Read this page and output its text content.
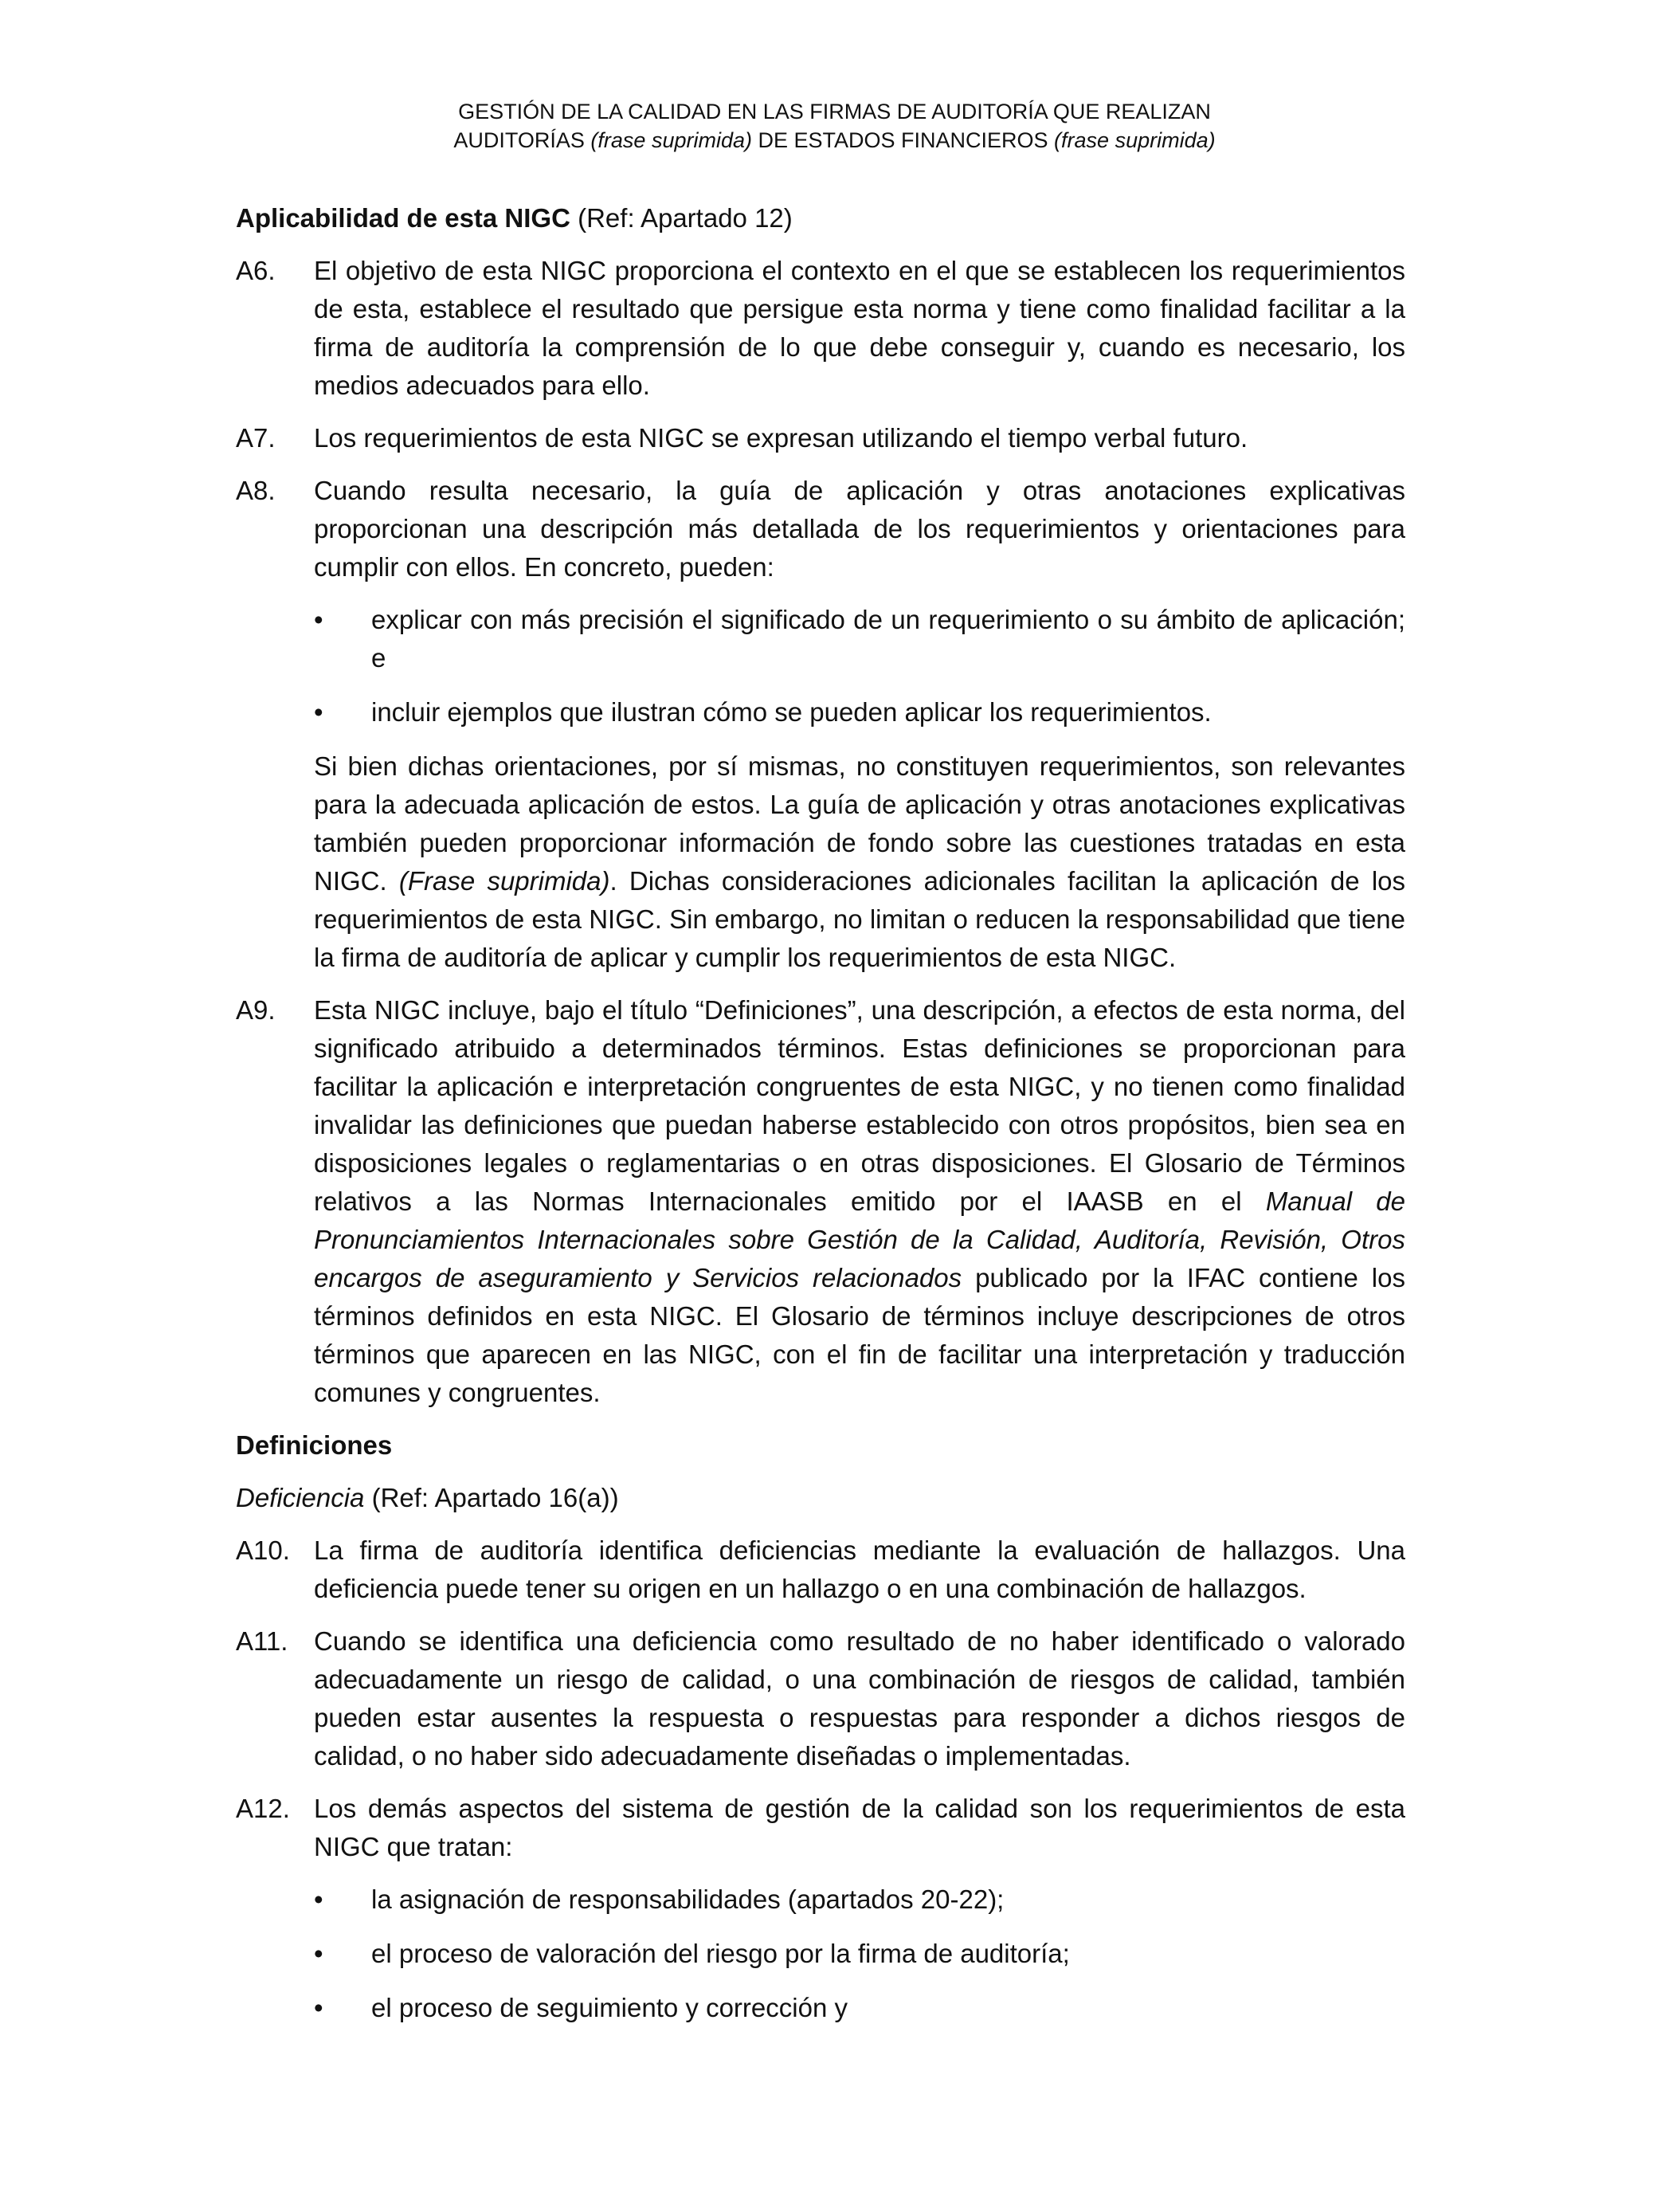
GESTIÓN DE LA CALIDAD EN LAS FIRMAS DE AUDITORÍA QUE REALIZAN
AUDITORÍAS (frase suprimida) DE ESTADOS FINANCIEROS (frase suprimida)
Aplicabilidad de esta NIGC (Ref: Apartado 12)
A6. El objetivo de esta NIGC proporciona el contexto en el que se establecen los requerimientos de esta, establece el resultado que persigue esta norma y tiene como finalidad facilitar a la firma de auditoría la comprensión de lo que debe conseguir y, cuando es necesario, los medios adecuados para ello.
A7. Los requerimientos de esta NIGC se expresan utilizando el tiempo verbal futuro.
A8. Cuando resulta necesario, la guía de aplicación y otras anotaciones explicativas proporcionan una descripción más detallada de los requerimientos y orientaciones para cumplir con ellos. En concreto, pueden:
• explicar con más precisión el significado de un requerimiento o su ámbito de aplicación; e
• incluir ejemplos que ilustran cómo se pueden aplicar los requerimientos.
Si bien dichas orientaciones, por sí mismas, no constituyen requerimientos, son relevantes para la adecuada aplicación de estos. La guía de aplicación y otras anotaciones explicativas también pueden proporcionar información de fondo sobre las cuestiones tratadas en esta NIGC. (Frase suprimida). Dichas consideraciones adicionales facilitan la aplicación de los requerimientos de esta NIGC. Sin embargo, no limitan o reducen la responsabilidad que tiene la firma de auditoría de aplicar y cumplir los requerimientos de esta NIGC.
A9. Esta NIGC incluye, bajo el título “Definiciones”, una descripción, a efectos de esta norma, del significado atribuido a determinados términos. Estas definiciones se proporcionan para facilitar la aplicación e interpretación congruentes de esta NIGC, y no tienen como finalidad invalidar las definiciones que puedan haberse establecido con otros propósitos, bien sea en disposiciones legales o reglamentarias o en otras disposiciones. El Glosario de Términos relativos a las Normas Internacionales emitido por el IAASB en el Manual de Pronunciamientos Internacionales sobre Gestión de la Calidad, Auditoría, Revisión, Otros encargos de aseguramiento y Servicios relacionados publicado por la IFAC contiene los términos definidos en esta NIGC. El Glosario de términos incluye descripciones de otros términos que aparecen en las NIGC, con el fin de facilitar una interpretación y traducción comunes y congruentes.
Definiciones
Deficiencia (Ref: Apartado 16(a))
A10. La firma de auditoría identifica deficiencias mediante la evaluación de hallazgos. Una deficiencia puede tener su origen en un hallazgo o en una combinación de hallazgos.
A11. Cuando se identifica una deficiencia como resultado de no haber identificado o valorado adecuadamente un riesgo de calidad, o una combinación de riesgos de calidad, también pueden estar ausentes la respuesta o respuestas para responder a dichos riesgos de calidad, o no haber sido adecuadamente diseñadas o implementadas.
A12. Los demás aspectos del sistema de gestión de la calidad son los requerimientos de esta NIGC que tratan:
• la asignación de responsabilidades (apartados 20-22);
• el proceso de valoración del riesgo por la firma de auditoría;
• el proceso de seguimiento y corrección y
